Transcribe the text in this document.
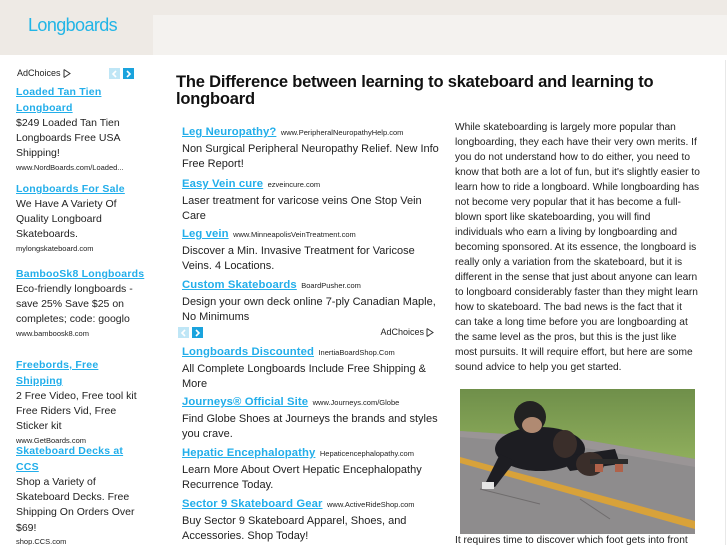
Longboards
AdChoices
Loaded Tan Tien Longboard
$249 Loaded Tan Tien Longboards Free USA Shipping!
www.NordBoards.com/Loaded...
Longboards For Sale
We Have A Variety Of Quality Longboard Skateboards.
mylongskateboard.com
BambooSk8 Longboards
Eco-friendly longboards - save 25% Save $25 on completes; code: googlo
www.bamboosk8.com
Freebords, Free Shipping
2 Free Video, Free tool kit Free Riders Vid, Free Sticker kit
www.GetBoards.com
Skateboard Decks at CCS
Shop a Variety of Skateboard Decks. Free Shipping On Orders Over $69!
shop.CCS.com
The Difference between learning to skateboard and learning to longboard
Leg Neuropathy? www.PeripheralNeuropathyHelp.com
Non Surgical Peripheral Neuropathy Relief. New Info Free Report!
Easy Vein cure ezveincure.com
Laser treatment for varicose veins One Stop Vein Care
Leg vein www.MinneapolisVeinTreatment.com
Discover a Min. Invasive Treatment for Varicose Veins. 4 Locations.
Custom Skateboards BoardPusher.com
Design your own deck online 7-ply Canadian Maple, No Minimums
Longboards Discounted InertiaBoardShop.Com
All Complete Longboards Include Free Shipping & More
Journeys® Official Site www.Journeys.com/Globe
Find Globe Shoes at Journeys the brands and styles you crave.
Hepatic Encephalopathy Hepaticencephalopathy.com
Learn More About Overt Hepatic Encephalopathy Recurrence Today.
Sector 9 Skateboard Gear www.ActiveRideShop.com
Buy Sector 9 Skateboard Apparel, Shoes, and Accessories. Shop Today!
AdChoices

While skateboarding is largely more popular than longboarding, they each have their very own merits. If you do not understand how to do either, you need to know that both are a lot of fun, but it's slightly easier to learn how to ride a longboard. While longboarding has not become very popular that it has become a full-blown sport like skateboarding, you will find individuals who earn a living by longboarding and becoming sponsored. At its essence, the longboard is really only a variation from the skateboard, but it is different in the sense that just about anyone can learn to longboard considerably faster than they might learn how to skateboard. The bad news is the fact that it can take a long time before you are longboarding at the same level as the pros, but this is the just like most pursuits. It will require effort, but here are some sound advice to help you get started.

It requires time to discover which foot gets into front
